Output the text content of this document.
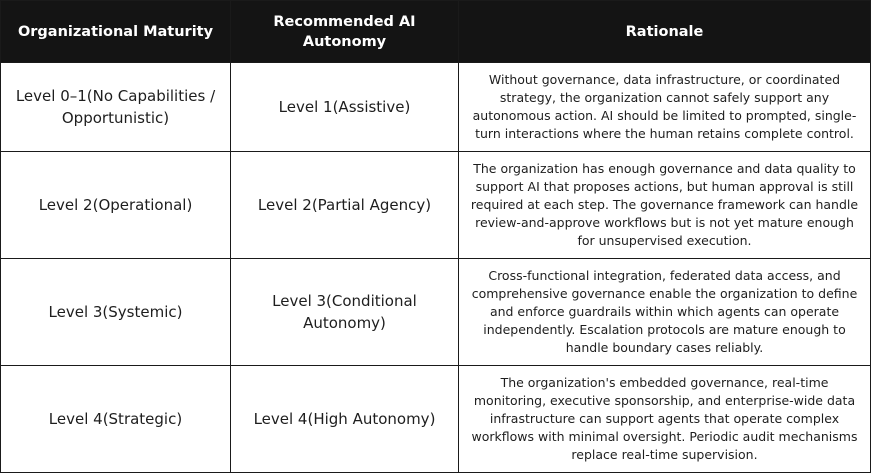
Organizational Maturity	Recommended AI Autonomy	Rationale

Level 0–1(No Capabilities / Opportunistic)	Level 1(Assistive)	Without governance, data infrastructure, or coordinated strategy, the organization cannot safely support any autonomous action. AI should be limited to prompted, single-turn interactions where the human retains complete control.
Level 2(Operational)	Level 2(Partial Agency)	The organization has enough governance and data quality to support AI that proposes actions, but human approval is still required at each step. The governance framework can handle review-and-approve workflows but is not yet mature enough for unsupervised execution.
Level 3(Systemic)	Level 3(Conditional Autonomy)	Cross-functional integration, federated data access, and comprehensive governance enable the organization to define and enforce guardrails within which agents can operate independently. Escalation protocols are mature enough to handle boundary cases reliably.
Level 4(Strategic)	Level 4(High Autonomy)	The organization's embedded governance, real-time monitoring, executive sponsorship, and enterprise-wide data infrastructure can support agents that operate complex workflows with minimal oversight. Periodic audit mechanisms replace real-time supervision.
